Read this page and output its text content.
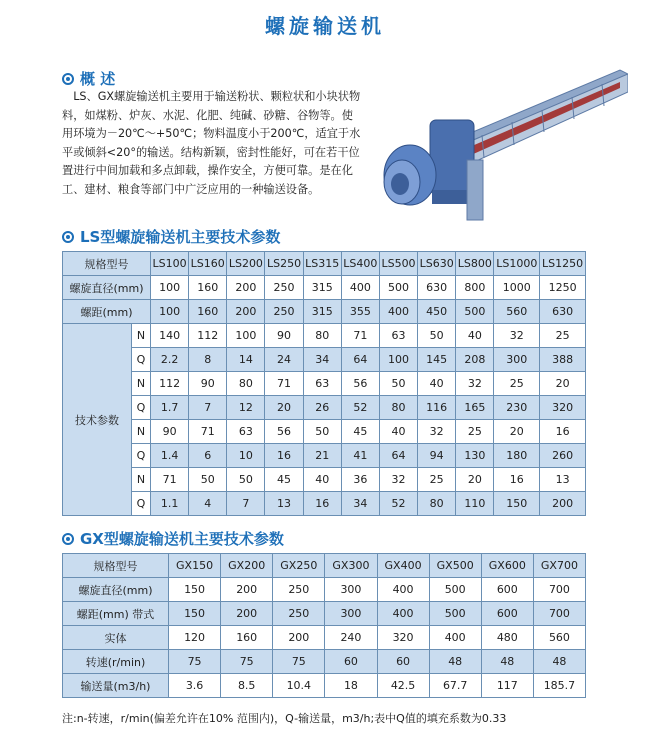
螺旋输送机
概 述
LS、GX螺旋输送机主要用于输送粉状、颗粒状和小块状物料，如煤粉、炉灰、水泥、化肥、纯碱、砂糖、谷物等。使用环境为－20℃～+50℃；物料温度小于200℃，适宜于水平或倾斜<20°的输送。结构新颖，密封性能好，可在若干位置进行中间加载和多点卸载，操作安全，方便可靠。是在化工、建材、粮食等部门中广泛应用的一种输送设备。
LS型螺旋输送机主要技术参数
规格型号		LS100	LS160	LS200	LS250	LS315	LS400	LS500	LS630	LS800	LS1000	LS1250
螺旋直径(mm)		100	160	200	250	315	400	500	630	800	1000	1250
螺距(mm)		100	160	200	250	315	355	400	450	500	560	630
技术参数	N	140	112	100	90	80	71	63	50	40	32	25
	Q	2.2	8	14	24	34	64	100	145	208	300	388
	N	112	90	80	71	63	56	50	40	32	25	20
	Q	1.7	7	12	20	26	52	80	116	165	230	320
	N	90	71	63	56	50	45	40	32	25	20	16
	Q	1.4	6	10	16	21	41	64	94	130	180	260
	N	71	50	50	45	40	36	32	25	20	16	13
	Q	1.1	4	7	13	16	34	52	80	110	150	200
GX型螺旋输送机主要技术参数
规格型号	GX150	GX200	GX250	GX300	GX400	GX500	GX600	GX700
螺旋直径(mm)	150	200	250	300	400	500	600	700
螺距(mm) 带式	150	200	250	300	400	500	600	700
实体	120	160	200	240	320	400	480	560
转速(r/min)	75	75	75	60	60	48	48	48
输送量(m3/h)	3.6	8.5	10.4	18	42.5	67.7	117	185.7
注:n-转速，r/min(偏差允许在10% 范围内)，Q-输送量，m3/h;表中Q值的填充系数为0.33
